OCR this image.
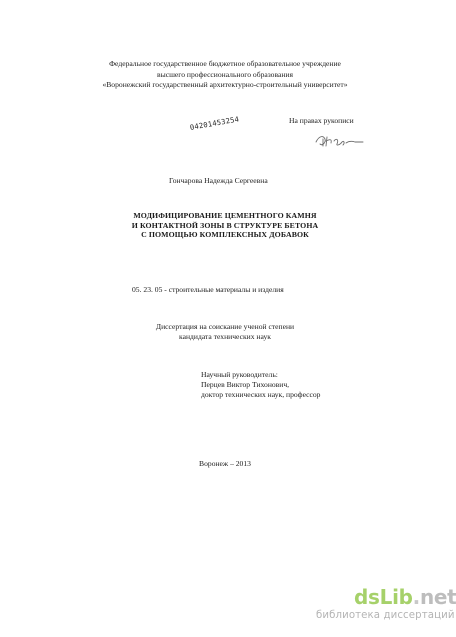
Федеральное государственное бюджетное образовательное учреждение
высшего профессионального образования
«Воронежский государственный архитектурно-строительный университет»
На правах рукописи
04201453254
Гончарова Надежда Сергеевна
МОДИФИЦИРОВАНИЕ ЦЕМЕНТНОГО КАМНЯ
И КОНТАКТНОЙ ЗОНЫ В СТРУКТУРЕ БЕТОНА
С ПОМОЩЬЮ КОМПЛЕКСНЫХ ДОБАВОК
05. 23. 05 - строительные материалы и изделия
Диссертация на соискание ученой степени
кандидата технических наук
Научный руководитель:
Перцев Виктор Тихонович,
доктор технических наук, профессор
Воронеж – 2013
dsLib.net
библиотека диссертаций
